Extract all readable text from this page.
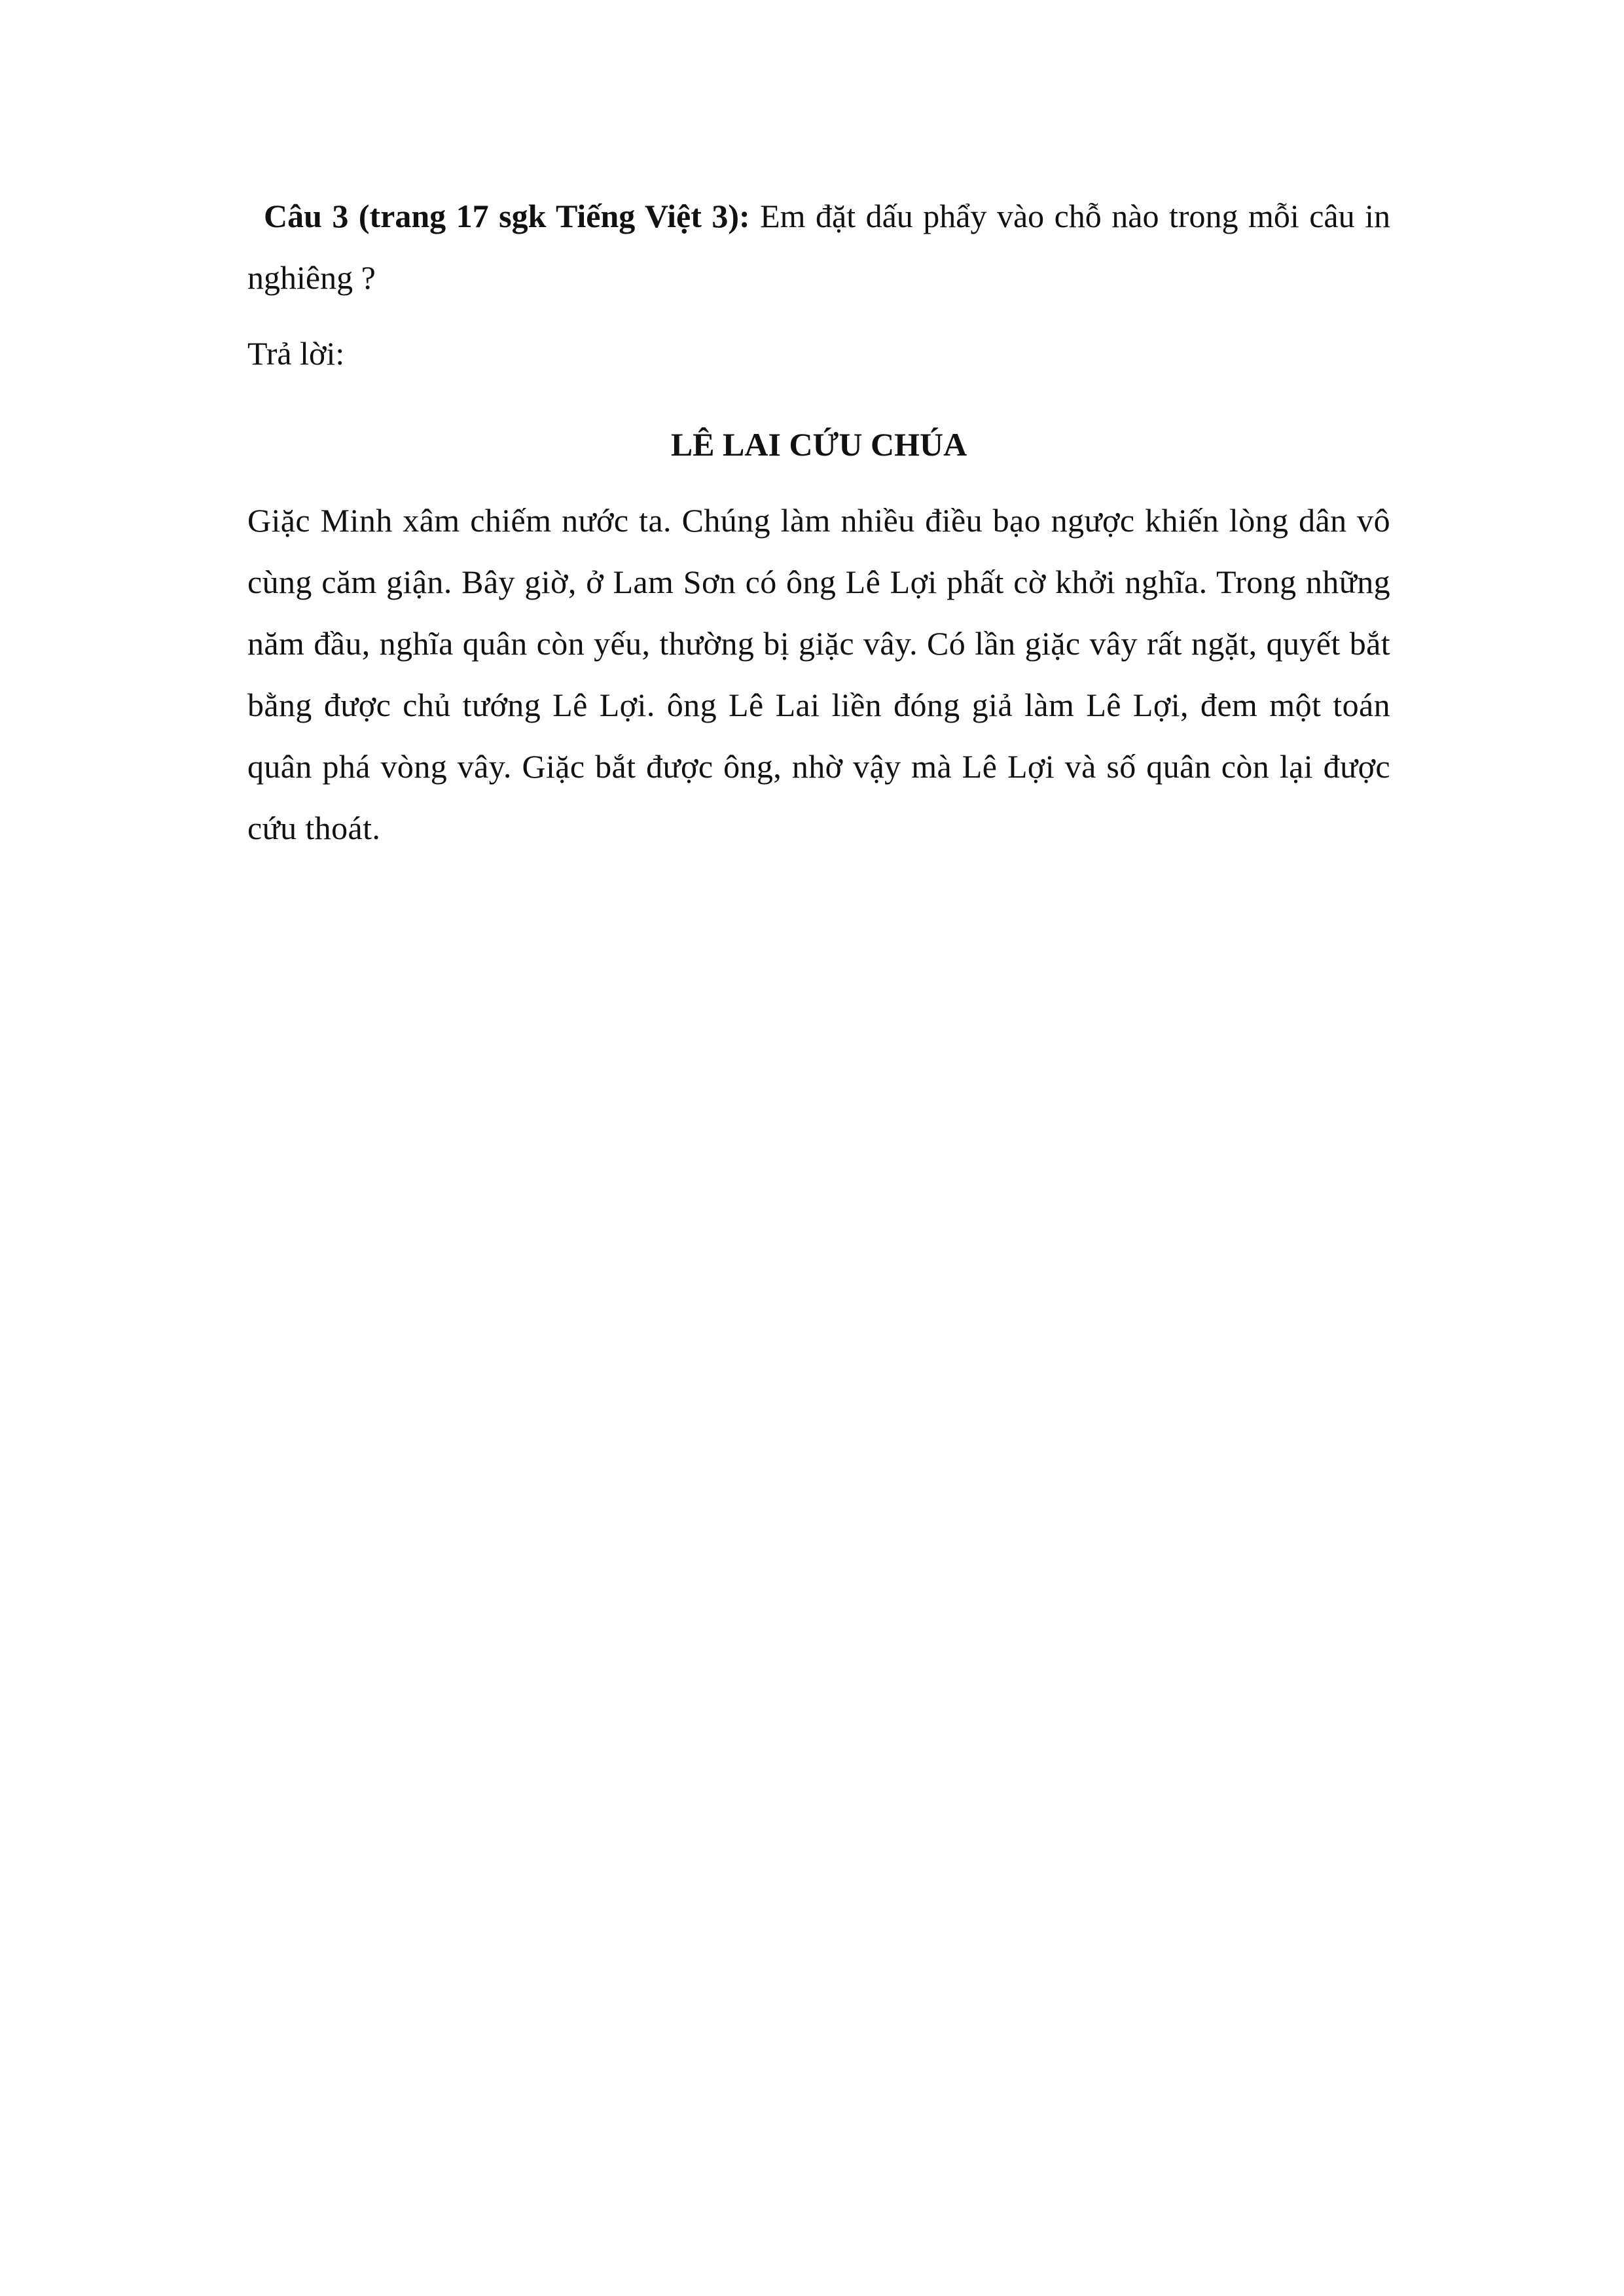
Câu 3 (trang 17 sgk Tiếng Việt 3): Em đặt dấu phẩy vào chỗ nào trong mỗi câu in nghiêng ?

Trả lời:

LÊ LAI CỨU CHÚA

Giặc Minh xâm chiếm nước ta. Chúng làm nhiều điều bạo ngược khiến lòng dân vô cùng căm giận. Bây giờ, ở Lam Sơn có ông Lê Lợi phất cờ khởi nghĩa. Trong những năm đầu, nghĩa quân còn yếu, thường bị giặc vây. Có lần giặc vây rất ngặt, quyết bắt bằng được chủ tướng Lê Lợi. ông Lê Lai liền đóng giả làm Lê Lợi, đem một toán quân phá vòng vây. Giặc bắt được ông, nhờ vậy mà Lê Lợi và số quân còn lại được cứu thoát.
